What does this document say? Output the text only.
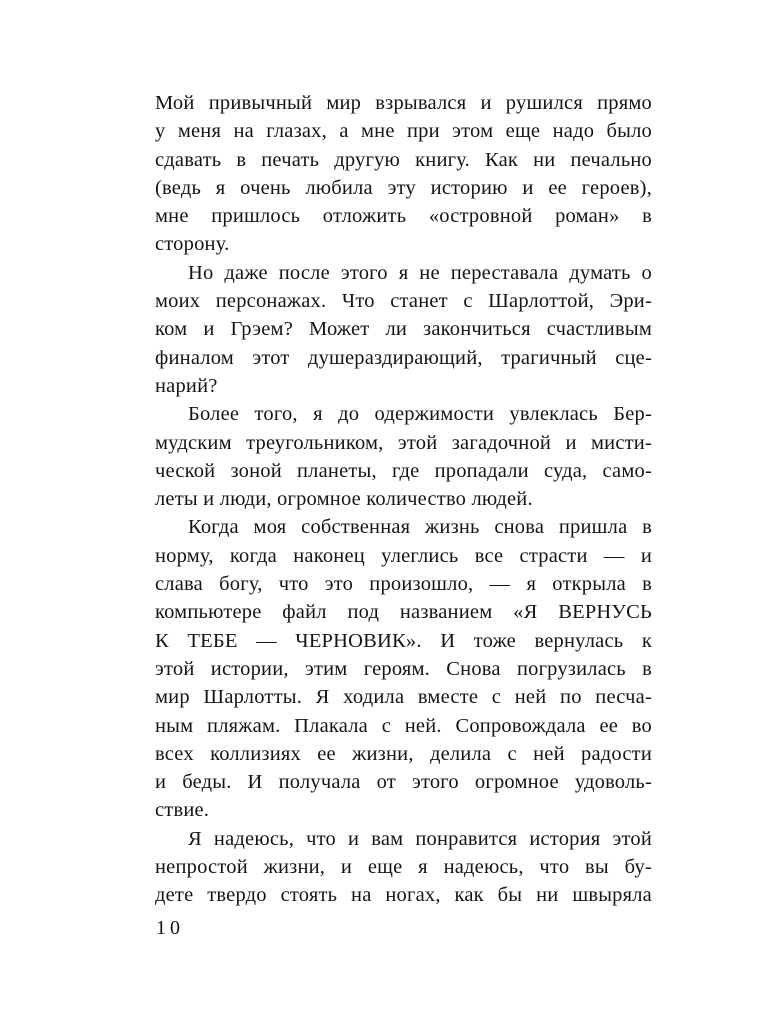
Мой привычный мир взрывался и рушился прямо
у меня на глазах, а мне при этом еще надо было
сдавать в печать другую книгу. Как ни печально
(ведь я очень любила эту историю и ее героев),
мне пришлось отложить «островной роман» в
сторону.

Но даже после этого я не переставала думать о
моих персонажах. Что станет с Шарлоттой, Эри-
ком и Грэем? Может ли закончиться счастливым
финалом этот душераздирающий, трагичный сце-
нарий?

Более того, я до одержимости увлеклась Бер-
мудским треугольником, этой загадочной и мисти-
ческой зоной планеты, где пропадали суда, само-
леты и люди, огромное количество людей.

Когда моя собственная жизнь снова пришла в
норму, когда наконец улеглись все страсти — и
слава богу, что это произошло, — я открыла в
компьютере файл под названием «Я ВЕРНУСЬ
К ТЕБЕ — ЧЕРНОВИК». И тоже вернулась к
этой истории, этим героям. Снова погрузилась в
мир Шарлотты. Я ходила вместе с ней по песча-
ным пляжам. Плакала с ней. Сопровождала ее во
всех коллизиях ее жизни, делила с ней радости
и беды. И получала от этого огромное удоволь-
ствие.

Я надеюсь, что и вам понравится история этой
непростой жизни, и еще я надеюсь, что вы бу-
дете твердо стоять на ногах, как бы ни швыряла

10
